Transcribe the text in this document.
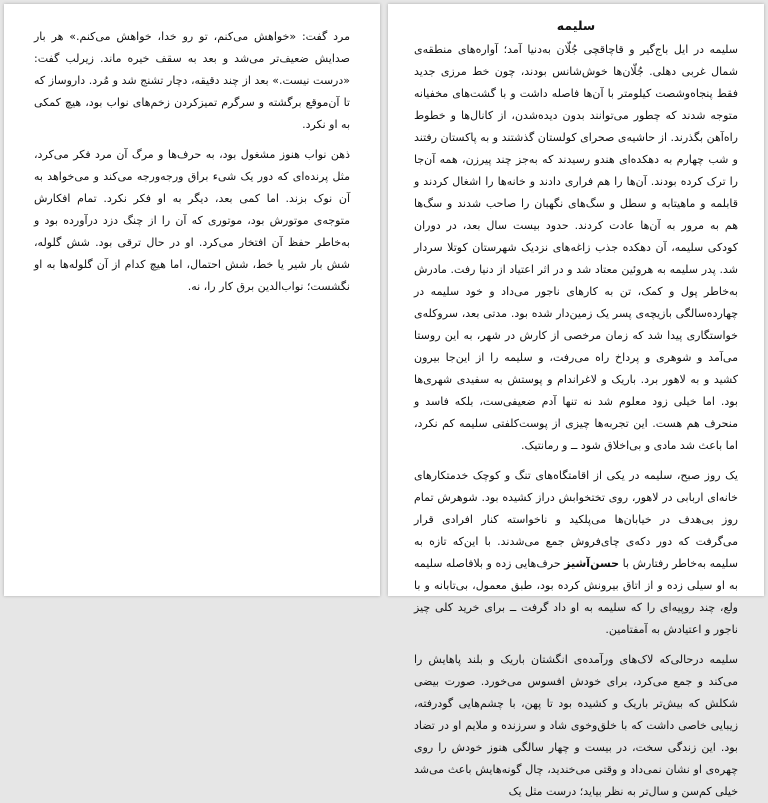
مرد گفت: «خواهش می‌کنم، تو رو خدا، خواهش می‌کنم.» هر بار صدایش ضعیف‌تر می‌شد و بعد به سقف خیره ماند. زیرلب گفت: «درست نیست.» بعد از چند دقیقه، دچار تشنج شد و مُرد. داروساز که تا آن‌موقع برگشته و سرگرم تمیزکردن زخم‌های نواب بود، هیچ کمکی به او نکرد.

ذهن نواب هنوز مشغول بود، به حرف‌ها و مرگ آن مرد فکر می‌کرد، مثل پرنده‌ای که دور یک شیء براق ورجه‌ورجه می‌کند و می‌خواهد به آن نوک بزند. اما کمی بعد، دیگر به او فکر نکرد. تمام افکارش متوجه‌ی موتورش بود، موتوری که آن را از چنگ دزد درآورده بود و به‌خاطر حفظ آن افتخار می‌کرد. او در حال ترقی بود. شش گلوله، شش بار شیر یا خط، شش احتمال، اما هیچ کدام از آن گلوله‌ها به او نگشست؛ نواب‌الدین برق کار را، نه.

سلیمه

سلیمه در ایل باج‌گیر و قاچاقچی جُلّان به‌دنیا آمد؛ آواره‌های منطقه‌ی شمال غربی دهلی. جُلّان‌ها خوش‌شانس بودند، چون خط مرزی جدید فقط پنجاه‌وشصت کیلومتر با آن‌ها فاصله داشت و با گشت‌های مخفیانه متوجه شدند که چطور می‌توانند بدون دیده‌شدن، از کانال‌ها و خطوط راه‌آهن بگذرند. از حاشیه‌ی صحرای کولستان گذشتند و به پاکستان رفتند و شب چهارم به دهکده‌ای هندو رسیدند که به‌جز چند پیرزن، همه آن‌جا را ترک کرده بودند. آن‌ها را هم فراری دادند و خانه‌ها را اشغال کردند و قابلمه و ماهیتابه و سطل و سگ‌های نگهبان را صاحب شدند و سگ‌ها هم به مرور به آن‌ها عادت کردند. حدود بیست سال بعد، در دوران کودکی سلیمه، آن دهکده جذب زاغه‌های نزدیک شهرستان کوتلا سردار شد. پدر سلیمه به هروئین معتاد شد و در اثر اعتیاد از دنیا رفت. مادرش به‌خاطر پول و کمک، تن به کارهای ناجور می‌داد و خود سلیمه در چهارده‌سالگی بازیچه‌ی پسر یک زمین‌دار شده بود. مدتی بعد، سروکله‌ی خواستگاری پیدا شد که زمان مرخصی از کارش در شهر، به این روستا می‌آمد و شوهری و پرداخ راه می‌رفت، و سلیمه را از این‌جا بیرون کشید و به لاهور برد. باریک و لاغراندام و پوستش به سفیدی شهری‌ها بود. اما خیلی زود معلوم شد نه تنها آدم ضعیفی‌ست، بلکه فاسد و منحرف هم هست. این تجربه‌ها چیزی از پوست‌کلفتی سلیمه کم نکرد، اما باعث شد مادی و بی‌اخلاق شود ــ و رمانتیک.

یک روز صبح، سلیمه در یکی از اقامتگاه‌های تنگ و کوچک خدمتکارهای خانه‌ای اربابی در لاهور، روی تختخوابش دراز کشیده بود. شوهرش تمام روز بی‌هدف در خیابان‌ها می‌پلکید و ناخواسته کنار افرادی قرار می‌گرفت که دور دکه‌ی چای‌فروش جمع می‌شدند. با این‌که تازه به سلیمه به‌خاطر رفتارش با حسن‌آشیز حرف‌هایی زده و بلافاصله سلیمه به او سیلی زده و از اتاق بیرونش کرده بود، طبق معمول، بی‌تابانه و با ولع، چند روپیه‌ای را که سلیمه به او داد گرفت ــ برای خرید کلی چیز ناجور و اعتیادش به آمفتامین.

سلیمه درحالی‌که لاک‌های ورآمده‌ی انگشتان باریک و بلند پاهایش را می‌کند و جمع می‌کرد، برای خودش افسوس می‌خورد. صورت بیضی شکلش که بیش‌تر باریک و کشیده بود تا پهن، با چشم‌هایی گودرفته، زیبایی خاصی داشت که با خلق‌وخوی شاد و سرزنده و ملایم او در تضاد بود. این زندگی سخت، در بیست و چهار سالگی هنوز خودش را روی چهره‌ی او نشان نمی‌داد و وقتی می‌خندید، چال گونه‌هایش باعث می‌شد خیلی کم‌سن و سال‌تر به نظر بیاید؛ درست مثل یک
